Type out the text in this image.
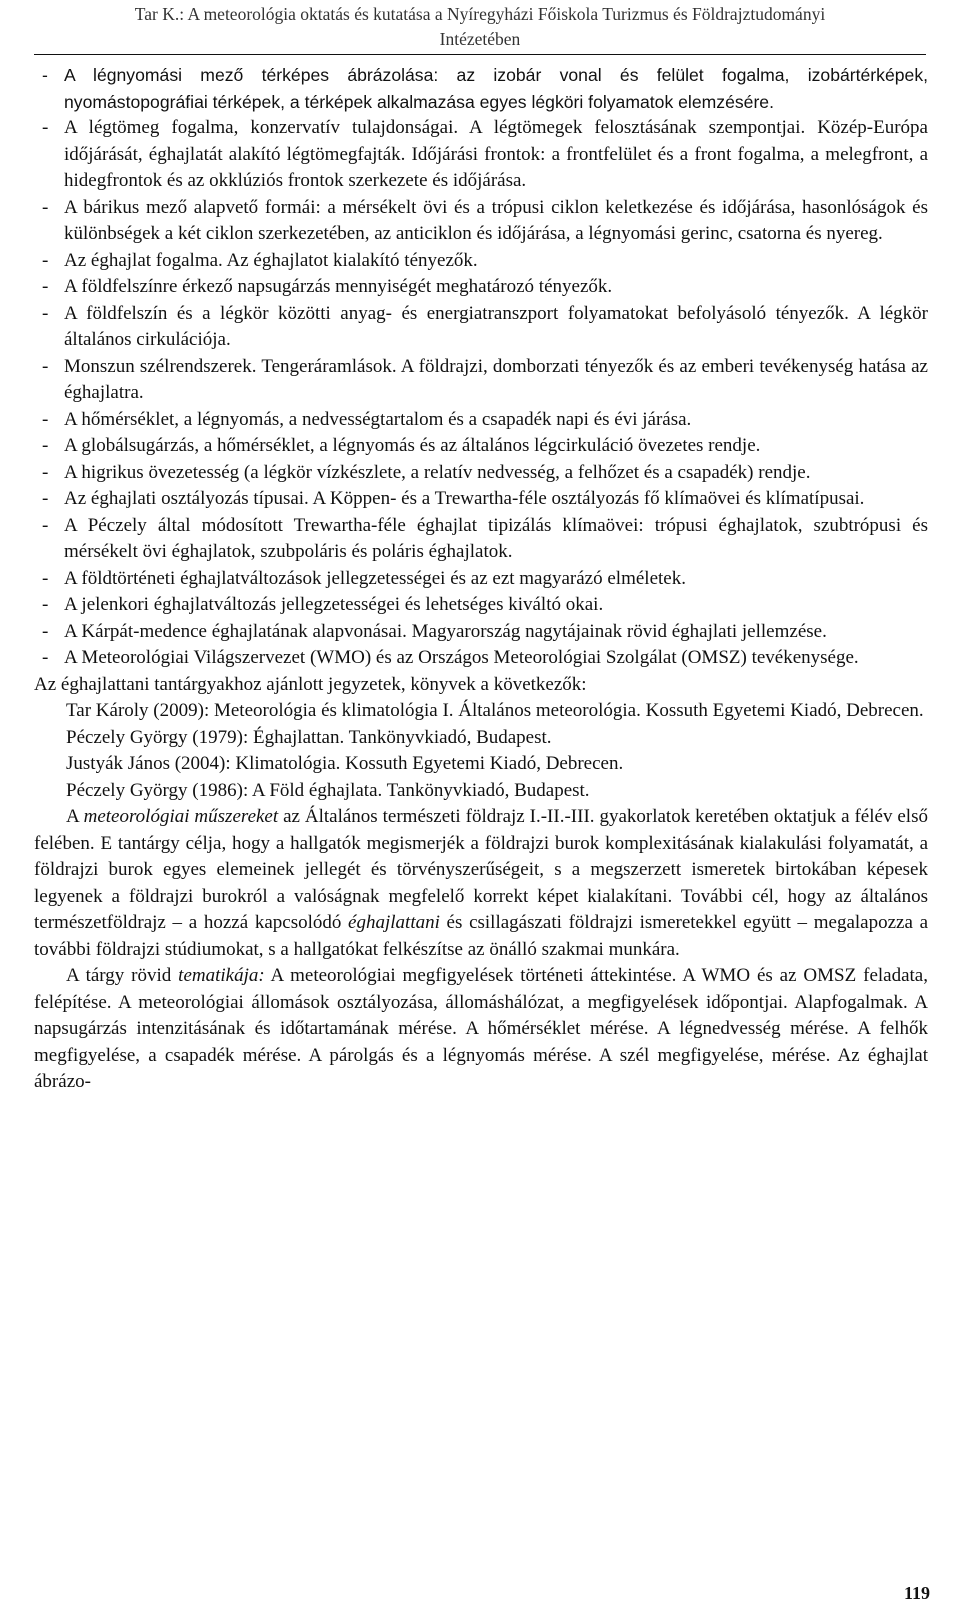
Tar K.: A meteorológia oktatás és kutatása a Nyíregyházi Főiskola Turizmus és Földrajztudományi
Intézetében
- A légnyomási mező térképes ábrázolása: az izobár vonal és felület fogalma, izobártérképek, nyomástopográfiai térképek, a térképek alkalmazása egyes légköri folyamatok elemzésére.
- A légtömeg fogalma, konzervatív tulajdonságai. A légtömegek felosztásának szempontjai. Közép-Európa időjárását, éghajlatát alakító légtömegfajták. Időjárási frontok: a frontfelület és a front fogalma, a melegfront, a hidegfrontok és az okklúziós frontok szerkezete és időjárása.
- A bárikus mező alapvető formái: a mérsékelt övi és a trópusi ciklon keletkezése és időjárása, hasonlóságok és különbségek a két ciklon szerkezetében, az anticiklon és időjárása, a légnyomási gerinc, csatorna és nyereg.
- Az éghajlat fogalma. Az éghajlatot kialakító tényezők.
- A földfelszínre érkező napsugárzás mennyiségét meghatározó tényezők.
- A földfelszín és a légkör közötti anyag- és energiatranszport folyamatokat befolyásoló tényezők. A légkör általános cirkulációja.
- Monszun szélrendszerek. Tengeráramlások. A földrajzi, domborzati tényezők és az emberi tevékenység hatása az éghajlatra.
- A hőmérséklet, a légnyomás, a nedvességtartalom és a csapadék napi és évi járása.
- A globálsugárzás, a hőmérséklet, a légnyomás és az általános légcirkuláció övezetes rendje.
- A higrikus övezetesség (a légkör vízkészlete, a relatív nedvesség, a felhőzet és a csapadék) rendje.
- Az éghajlati osztályozás típusai. A Köppen- és a Trewartha-féle osztályozás fő klímaövei és klímatípusai.
- A Péczely által módosított Trewartha-féle éghajlat tipizálás klímaövei: trópusi éghajlatok, szubtrópusi és mérsékelt övi éghajlatok, szubpoláris és poláris éghajlatok.
- A földtörténeti éghajlatváltozások jellegzetességei és az ezt magyarázó elméletek.
- A jelenkori éghajlatváltozás jellegzetességei és lehetséges kiváltó okai.
- A Kárpát-medence éghajlatának alapvonásai. Magyarország nagytájainak rövid éghajlati jellemzése.
- A Meteorológiai Világszervezet (WMO) és az Országos Meteorológiai Szolgálat (OMSZ) tevékenysége.

Az éghajlattani tantárgyakhoz ajánlott jegyzetek, könyvek a következők:

Tar Károly (2009): Meteorológia és klimatológia I. Általános meteorológia. Kossuth Egyetemi Kiadó, Debrecen.
Péczely György (1979): Éghajlattan. Tankönyvkiadó, Budapest.
Justyák János (2004): Klimatológia. Kossuth Egyetemi Kiadó, Debrecen.
Péczely György (1986): A Föld éghajlata. Tankönyvkiadó, Budapest.

A meteorológiai műszereket az Általános természeti földrajz I.-II.-III. gyakorlatok keretében oktatjuk a félév első felében. E tantárgy célja, hogy a hallgatók megismerjék a földrajzi burok komplexitásának kialakulási folyamatát, a földrajzi burok egyes elemeinek jellegét és törvényszerűségeit, s a megszerzett ismeretek birtokában képesek legyenek a földrajzi burokról a valóságnak megfelelő korrekt képet kialakítani. További cél, hogy az általános természetföldrajz – a hozzá kapcsolódó éghajlattani és csillagászati földrajzi ismeretekkel együtt – megalapozza a további földrajzi stúdiumokat, s a hallgatókat felkészítse az önálló szakmai munkára.

A tárgy rövid tematikája: A meteorológiai megfigyelések történeti áttekintése. A WMO és az OMSZ feladata, felépítése. A meteorológiai állomások osztályozása, állomáshálózat, a megfigyelések időpontjai. Alapfogalmak. A napsugárzás intenzitásának és időtartamának mérése. A hőmérséklet mérése. A légnedvesség mérése. A felhők megfigyelése, a csapadék mérése. A párolgás és a légnyomás mérése. A szél megfigyelése, mérése. Az éghajlat ábrázo-

119
